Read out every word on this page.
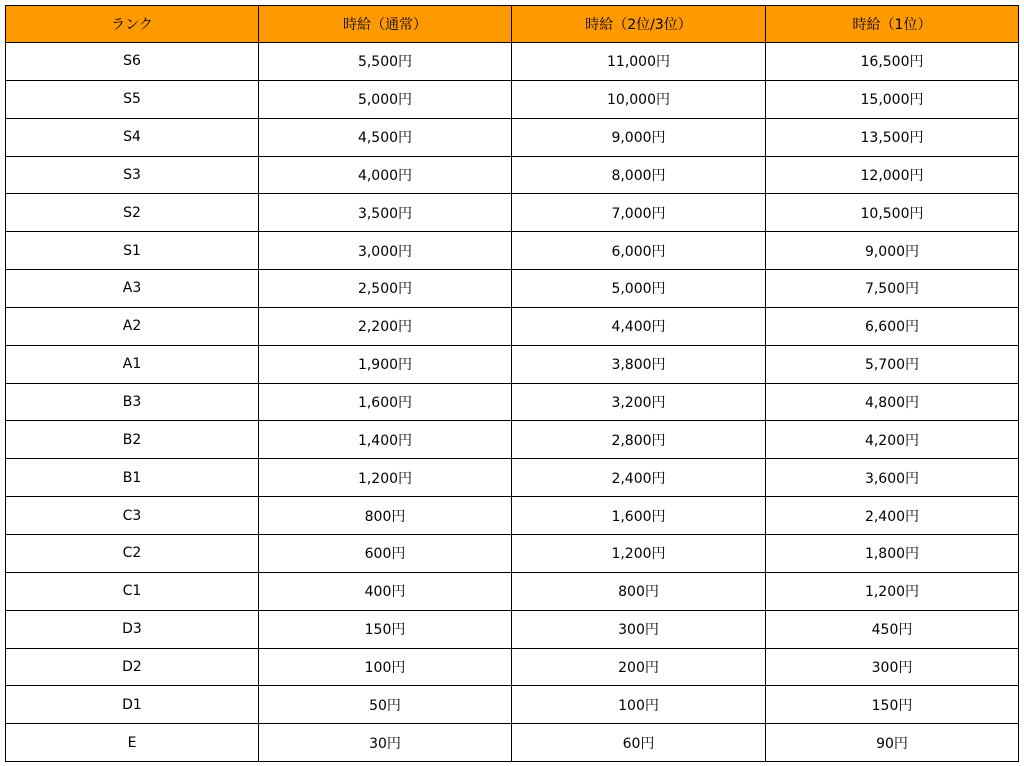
ランク	時給（通常）	時給（2位/3位）	時給（1位）
S6	5,500円	11,000円	16,500円
S5	5,000円	10,000円	15,000円
S4	4,500円	9,000円	13,500円
S3	4,000円	8,000円	12,000円
S2	3,500円	7,000円	10,500円
S1	3,000円	6,000円	9,000円
A3	2,500円	5,000円	7,500円
A2	2,200円	4,400円	6,600円
A1	1,900円	3,800円	5,700円
B3	1,600円	3,200円	4,800円
B2	1,400円	2,800円	4,200円
B1	1,200円	2,400円	3,600円
C3	800円	1,600円	2,400円
C2	600円	1,200円	1,800円
C1	400円	800円	1,200円
D3	150円	300円	450円
D2	100円	200円	300円
D1	50円	100円	150円
E	30円	60円	90円
